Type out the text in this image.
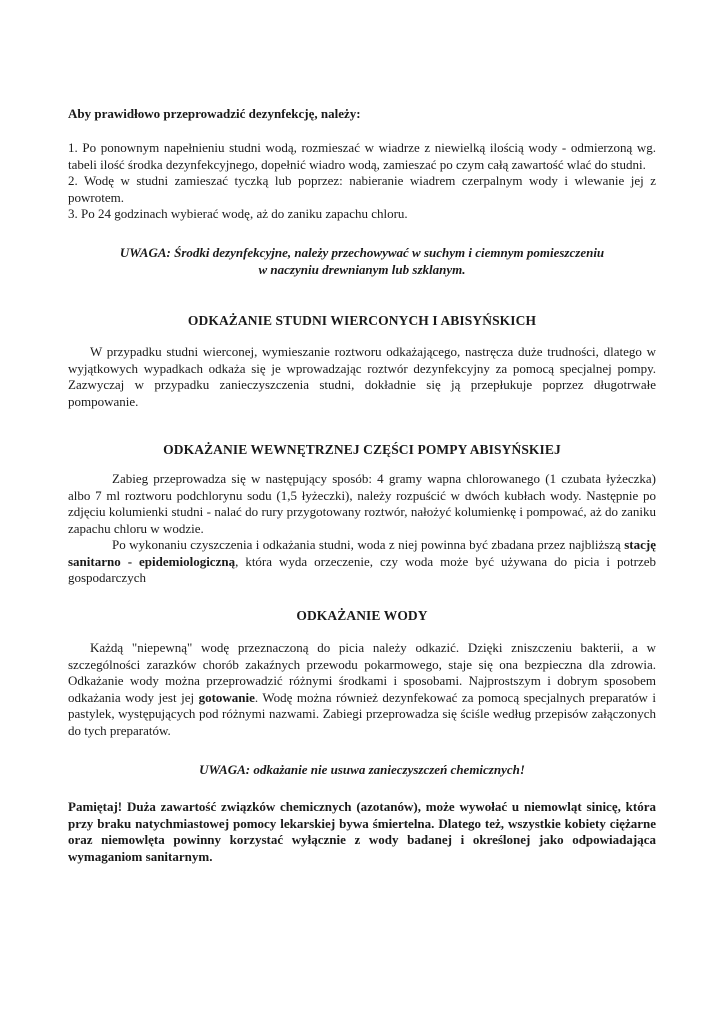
Aby prawidłowo przeprowadzić dezynfekcję, należy:

1. Po ponownym napełnieniu studni wodą, rozmieszać w wiadrze z niewielką ilością wody - odmierzoną wg. tabeli ilość środka dezynfekcyjnego, dopełnić wiadro wodą, zamieszać po czym całą zawartość wlać do studni.

2. Wodę w studni zamieszać tyczką lub poprzez: nabieranie wiadrem czerpalnym wody i wlewanie jej z powrotem.

3. Po 24 godzinach wybierać wodę, aż do zaniku zapachu chloru.

UWAGA: Środki dezynfekcyjne, należy przechowywać w suchym i ciemnym pomieszczeniu

w naczyniu drewnianym lub szklanym.

ODKAŻANIE STUDNI WIERCONYCH I ABISYŃSKICH
W przypadku studni wierconej, wymieszanie roztworu odkażającego, nastręcza duże trudności, dlatego w wyjątkowych wypadkach odkaża się je wprowadzając roztwór dezynfekcyjny za pomocą specjalnej pompy. Zazwyczaj w przypadku zanieczyszczenia studni, dokładnie się ją przepłukuje poprzez długotrwałe pompowanie.
ODKAŻANIE WEWNĘTRZNEJ CZĘŚCI POMPY ABISYŃSKIEJ

Zabieg przeprowadza się w następujący sposób: 4 gramy wapna chlorowanego (1 czubata łyżeczka) albo 7 ml roztworu podchlorynu sodu (1,5 łyżeczki), należy rozpuścić w dwóch kubłach wody. Następnie po zdjęciu kolumienki studni - nalać do rury przygotowany roztwór, nałożyć kolumienkę i pompować, aż do zaniku zapachu chloru w wodzie.

Po wykonaniu czyszczenia i odkażania studni, woda z niej powinna być zbadana przez najbliższą stację sanitarno - epidemiologiczną, która wyda orzeczenie, czy woda może być używana do picia i potrzeb gospodarczych

ODKAŻANIE WODY
Każdą "niepewną" wodę przeznaczoną do picia należy odkazić. Dzięki zniszczeniu bakterii, a w szczególności zarazków chorób zakaźnych przewodu pokarmowego, staje się ona bezpieczna dla zdrowia. Odkażanie wody można przeprowadzić różnymi środkami i sposobami. Najprostszym i dobrym sposobem odkażania wody jest jej gotowanie. Wodę można również dezynfekować za pomocą specjalnych preparatów i pastylek, występujących pod różnymi nazwami. Zabiegi przeprowadza się ściśle według przepisów załączonych do tych preparatów.
UWAGA: odkażanie nie usuwa zanieczyszczeń chemicznych!
Pamiętaj! Duża zawartość związków chemicznych (azotanów), może wywołać u niemowląt sinicę, która przy braku natychmiastowej pomocy lekarskiej bywa śmiertelna. Dlatego też, wszystkie kobiety ciężarne oraz niemowlęta powinny korzystać wyłącznie z wody badanej i określonej jako odpowiadająca wymaganiom sanitarnym.
